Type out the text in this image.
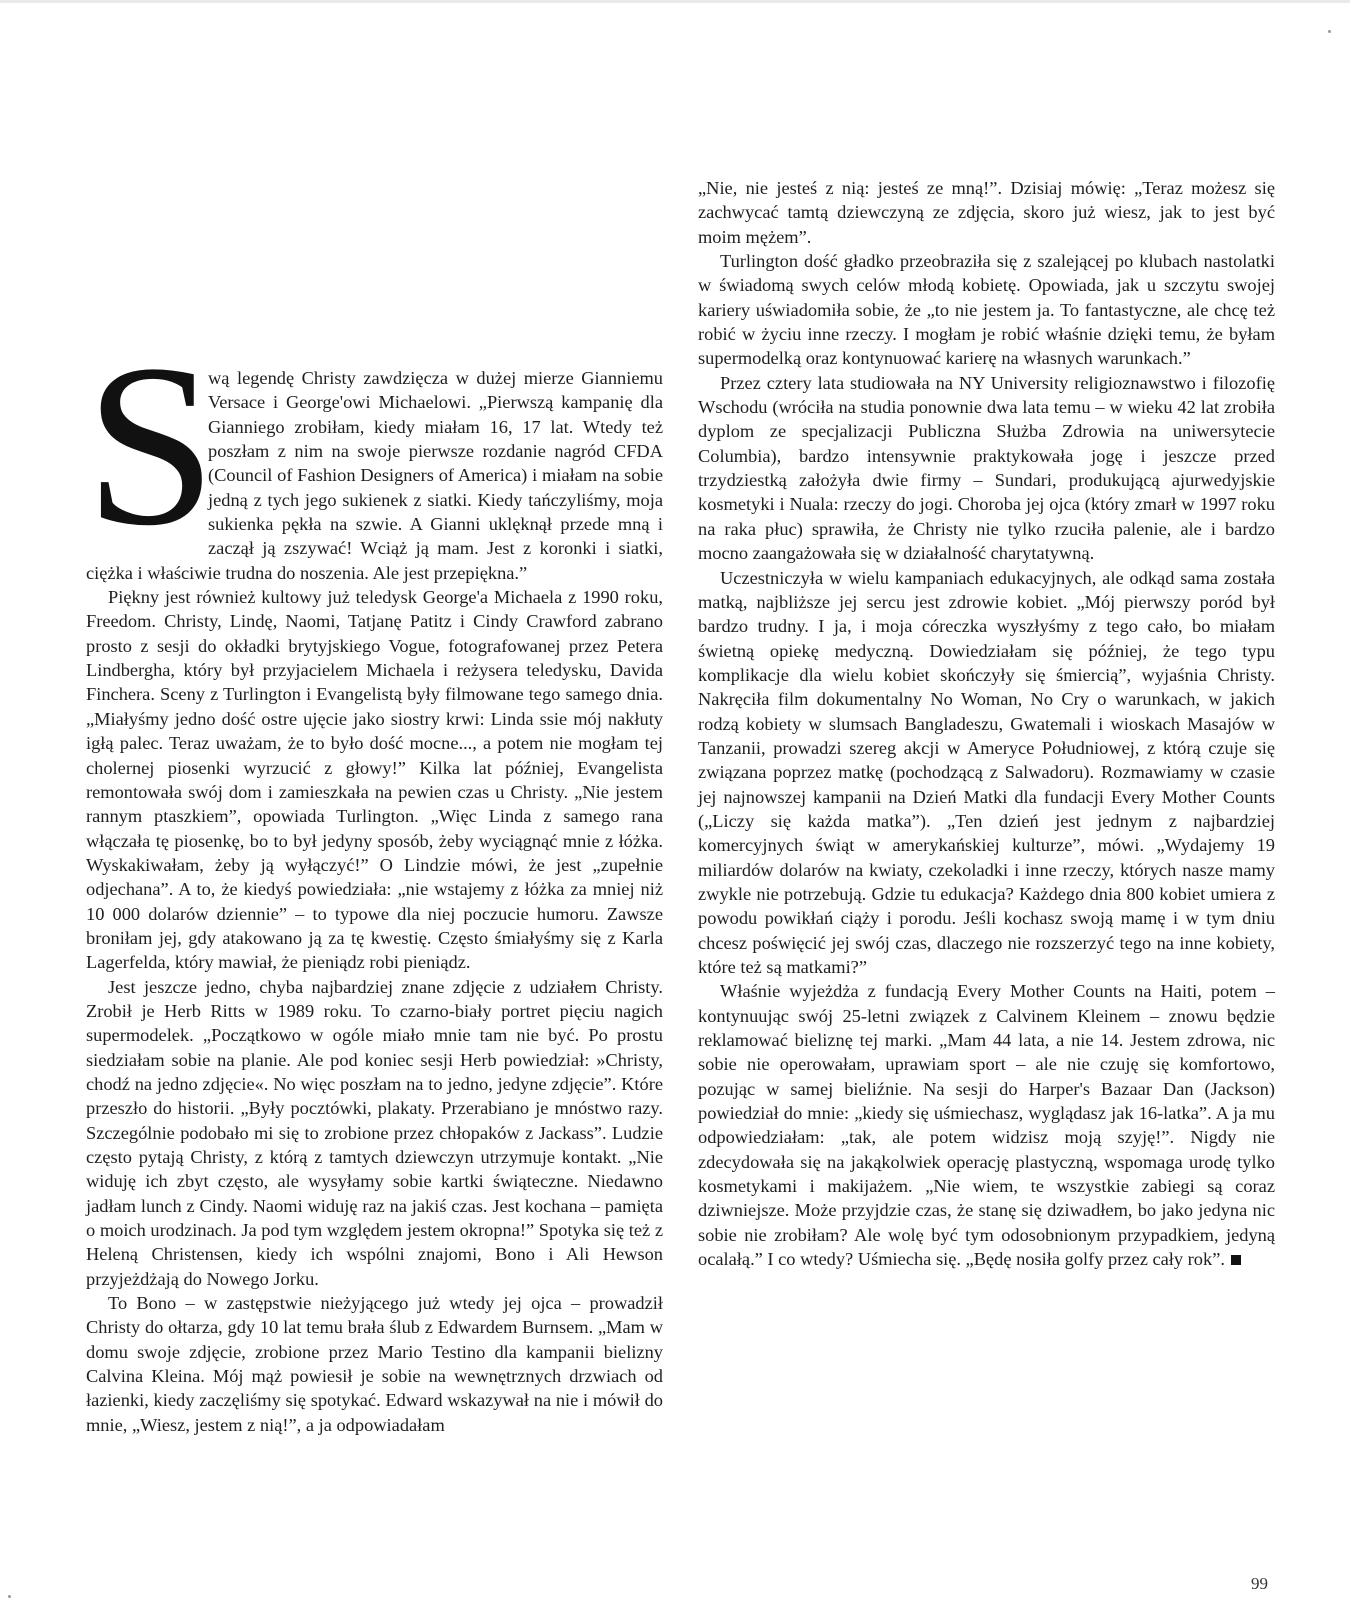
S
wą legendę Christy zawdzięcza w dużej mierze Gianniemu Versace i George'owi Michaelowi. „Pierwszą kampanię dla Gianniego zrobiłam, kiedy miałam 16, 17 lat. Wtedy też poszłam z nim na swoje pierwsze rozdanie nagród CFDA (Council of Fashion Designers of America) i miałam na sobie jedną z tych jego sukienek z siatki. Kiedy tańczyliśmy, moja sukienka pękła na szwie. A Gianni uklęknął przede mną i zaczął ją zszywać! Wciąż ją mam. Jest z koronki i siatki, ciężka i właściwie trudna do noszenia. Ale jest przepiękna.”

Piękny jest również kultowy już teledysk George'a Michaela z 1990 roku, Freedom. Christy, Lindę, Naomi, Tatjanę Patitz i Cindy Crawford zabrano prosto z sesji do okładki brytyjskiego Vogue, fotografowanej przez Petera Lindbergha, który był przyjacielem Michaela i reżysera teledysku, Davida Finchera. Sceny z Turlington i Evangelistą były filmowane tego samego dnia. „Miałyśmy jedno dość ostre ujęcie jako siostry krwi: Linda ssie mój nakłuty igłą palec. Teraz uważam, że to było dość mocne..., a potem nie mogłam tej cholernej piosenki wyrzucić z głowy!” Kilka lat później, Evangelista remontowała swój dom i zamieszkała na pewien czas u Christy. „Nie jestem rannym ptaszkiem”, opowiada Turlington. „Więc Linda z samego rana włączała tę piosenkę, bo to był jedyny sposób, żeby wyciągnąć mnie z łóżka. Wyskakiwałam, żeby ją wyłączyć!” O Lindzie mówi, że jest „zupełnie odjechana”. A to, że kiedyś powiedziała: „nie wstajemy z łóżka za mniej niż 10 000 dolarów dziennie” – to typowe dla niej poczucie humoru. Zawsze broniłam jej, gdy atakowano ją za tę kwestię. Często śmiałyśmy się z Karla Lagerfelda, który mawiał, że pieniądz robi pieniądz.

Jest jeszcze jedno, chyba najbardziej znane zdjęcie z udziałem Christy. Zrobił je Herb Ritts w 1989 roku. To czarno-biały portret pięciu nagich supermodelek. „Początkowo w ogóle miało mnie tam nie być. Po prostu siedziałam sobie na planie. Ale pod koniec sesji Herb powiedział: »Christy, chodź na jedno zdjęcie«. No więc poszłam na to jedno, jedyne zdjęcie”. Które przeszło do historii. „Były pocztówki, plakaty. Przerabiano je mnóstwo razy. Szczególnie podobało mi się to zrobione przez chłopaków z Jackass”. Ludzie często pytają Christy, z którą z tamtych dziewczyn utrzymuje kontakt. „Nie widuję ich zbyt często, ale wysyłamy sobie kartki świąteczne. Niedawno jadłam lunch z Cindy. Naomi widuję raz na jakiś czas. Jest kochana – pamięta o moich urodzinach. Ja pod tym względem jestem okropna!” Spotyka się też z Heleną Christensen, kiedy ich wspólni znajomi, Bono i Ali Hewson przyjeżdżają do Nowego Jorku.

To Bono – w zastępstwie nieżyjącego już wtedy jej ojca – prowadził Christy do ołtarza, gdy 10 lat temu brała ślub z Edwardem Burnsem. „Mam w domu swoje zdjęcie, zrobione przez Mario Testino dla kampanii bielizny Calvina Kleina. Mój mąż powiesił je sobie na wewnętrznych drzwiach od łazienki, kiedy zaczęliśmy się spotykać. Edward wskazywał na nie i mówił do mnie, „Wiesz, jestem z nią!”, a ja odpowiadałam

„Nie, nie jesteś z nią: jesteś ze mną!”. Dzisiaj mówię: „Teraz możesz się zachwycać tamtą dziewczyną ze zdjęcia, skoro już wiesz, jak to jest być moim mężem”.

Turlington dość gładko przeobraziła się z szalejącej po klubach nastolatki w świadomą swych celów młodą kobietę. Opowiada, jak u szczytu swojej kariery uświadomiła sobie, że „to nie jestem ja. To fantastyczne, ale chcę też robić w życiu inne rzeczy. I mogłam je robić właśnie dzięki temu, że byłam supermodelką oraz kontynuować karierę na własnych warunkach.”

Przez cztery lata studiowała na NY University religioznawstwo i filozofię Wschodu (wróciła na studia ponownie dwa lata temu – w wieku 42 lat zrobiła dyplom ze specjalizacji Publiczna Służba Zdrowia na uniwersytecie Columbia), bardzo intensywnie praktykowała jogę i jeszcze przed trzydziestką założyła dwie firmy – Sundari, produkującą ajurwedyjskie kosmetyki i Nuala: rzeczy do jogi. Choroba jej ojca (który zmarł w 1997 roku na raka płuc) sprawiła, że Christy nie tylko rzuciła palenie, ale i bardzo mocno zaangażowała się w działalność charytatywną.

Uczestniczyła w wielu kampaniach edukacyjnych, ale odkąd sama została matką, najbliższe jej sercu jest zdrowie kobiet. „Mój pierwszy poród był bardzo trudny. I ja, i moja córeczka wyszłyśmy z tego cało, bo miałam świetną opiekę medyczną. Dowiedziałam się później, że tego typu komplikacje dla wielu kobiet skończyły się śmiercią”, wyjaśnia Christy. Nakręciła film dokumentalny No Woman, No Cry o warunkach, w jakich rodzą kobiety w slumsach Bangladeszu, Gwatemali i wioskach Masajów w Tanzanii, prowadzi szereg akcji w Ameryce Południowej, z którą czuje się związana poprzez matkę (pochodzącą z Salwadoru). Rozmawiamy w czasie jej najnowszej kampanii na Dzień Matki dla fundacji Every Mother Counts („Liczy się każda matka”). „Ten dzień jest jednym z najbardziej komercyjnych świąt w amerykańskiej kulturze”, mówi. „Wydajemy 19 miliardów dolarów na kwiaty, czekoladki i inne rzeczy, których nasze mamy zwykle nie potrzebują. Gdzie tu edukacja? Każdego dnia 800 kobiet umiera z powodu powikłań ciąży i porodu. Jeśli kochasz swoją mamę i w tym dniu chcesz poświęcić jej swój czas, dlaczego nie rozszerzyć tego na inne kobiety, które też są matkami?”

Właśnie wyjeżdża z fundacją Every Mother Counts na Haiti, potem – kontynuując swój 25-letni związek z Calvinem Kleinem – znowu będzie reklamować bieliznę tej marki. „Mam 44 lata, a nie 14. Jestem zdrowa, nic sobie nie operowałam, uprawiam sport – ale nie czuję się komfortowo, pozując w samej bieliźnie. Na sesji do Harper's Bazaar Dan (Jackson) powiedział do mnie: „kiedy się uśmiechasz, wyglądasz jak 16-latka”. A ja mu odpowiedziałam: „tak, ale potem widzisz moją szyję!”. Nigdy nie zdecydowała się na jakąkolwiek operację plastyczną, wspomaga urodę tylko kosmetykami i makijażem. „Nie wiem, te wszystkie zabiegi są coraz dziwniejsze. Może przyjdzie czas, że stanę się dziwadłem, bo jako jedyna nic sobie nie zrobiłam? Ale wolę być tym odosobnionym przypadkiem, jedyną ocalałą.” I co wtedy? Uśmiecha się. „Będę nosiła golfy przez cały rok”.

99
